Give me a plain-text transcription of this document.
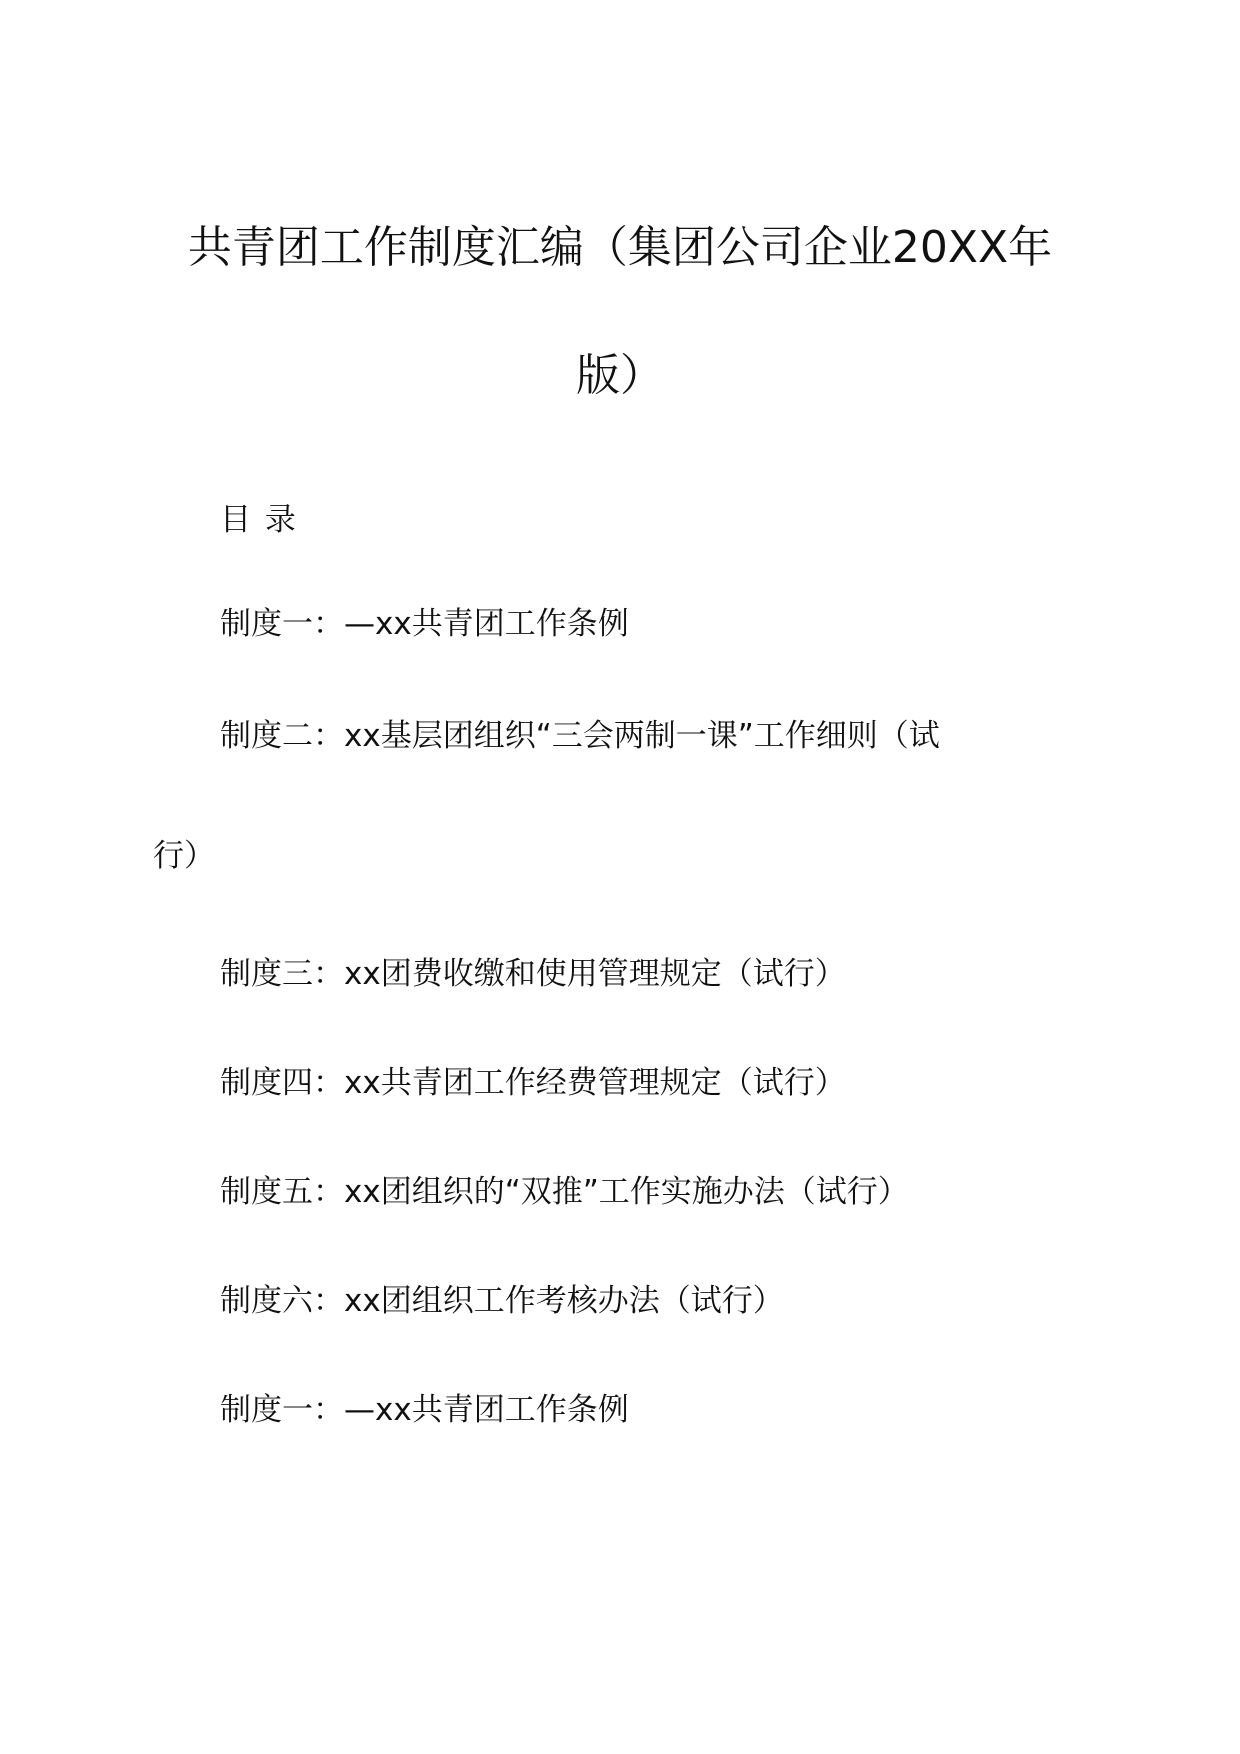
共青团工作制度汇编（集团公司企业20XX年
版）

目 录

制度一：—xx共青团工作条例

制度二：xx基层团组织“三会两制一课”工作细则（试

行）

制度三：xx团费收缴和使用管理规定（试行）

制度四：xx共青团工作经费管理规定（试行）

制度五：xx团组织的“双推”工作实施办法（试行）

制度六：xx团组织工作考核办法（试行）

制度一：—xx共青团工作条例
